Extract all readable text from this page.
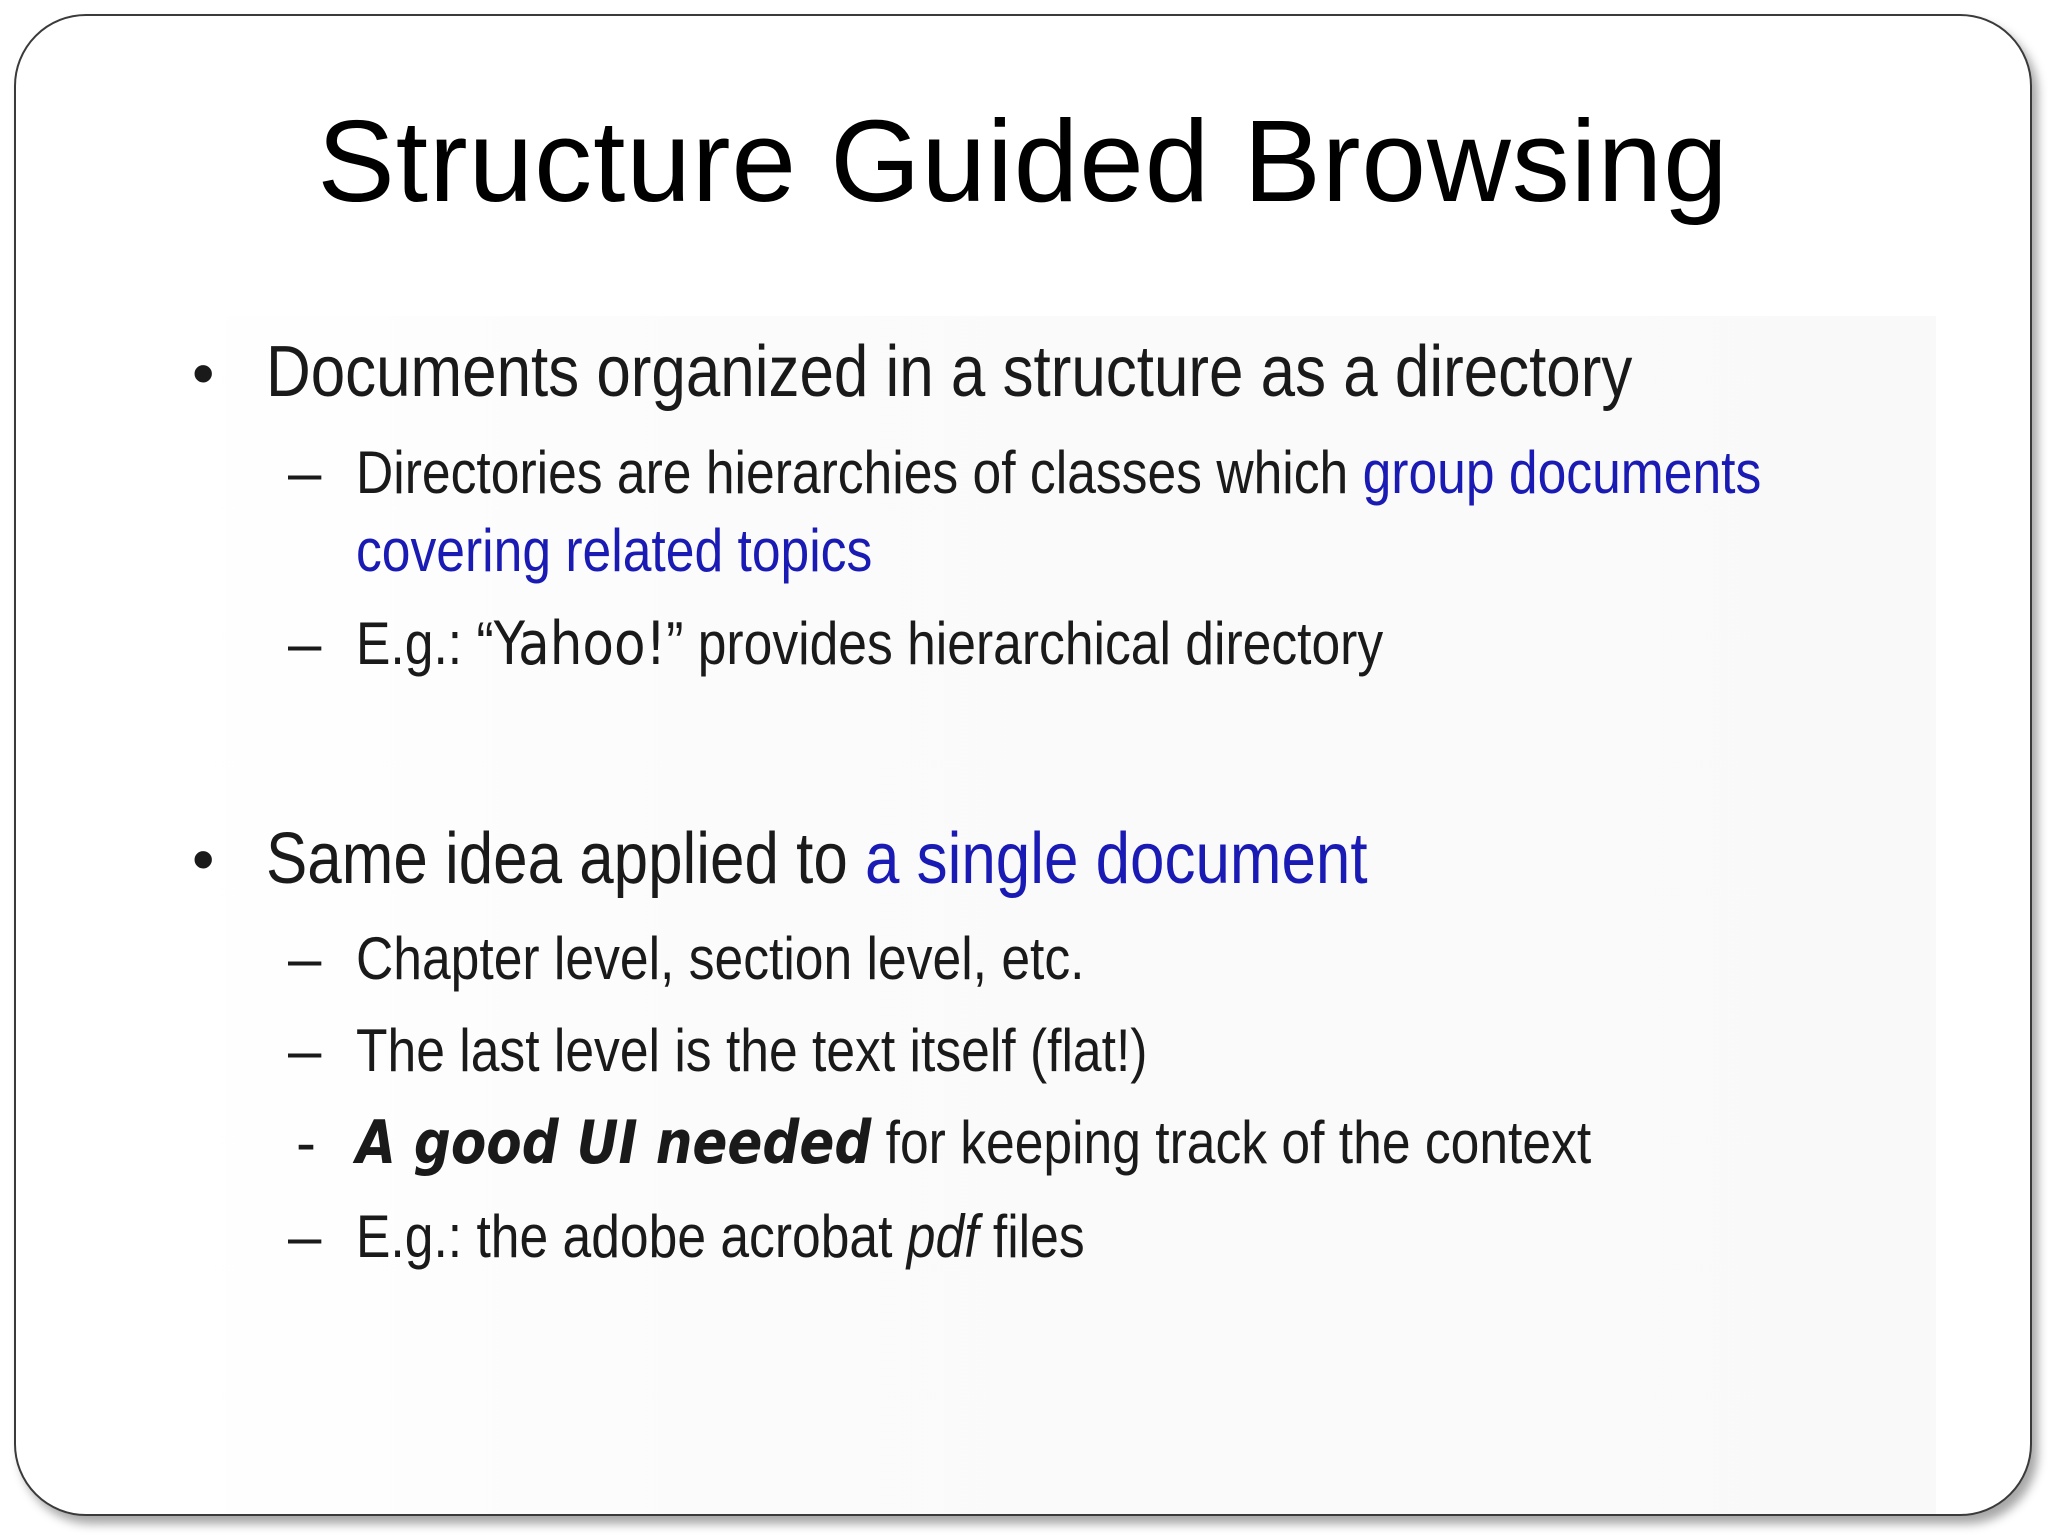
Structure Guided Browsing
• Documents organized in a structure as a directory
– Directories are hierarchies of classes which group documents
covering related topics
– E.g.: “Yahoo!” provides hierarchical directory
• Same idea applied to a single document
– Chapter level, section level, etc.
– The last level is the text itself (flat!)
- A good UI needed for keeping track of the context
– E.g.: the adobe acrobat pdf files
